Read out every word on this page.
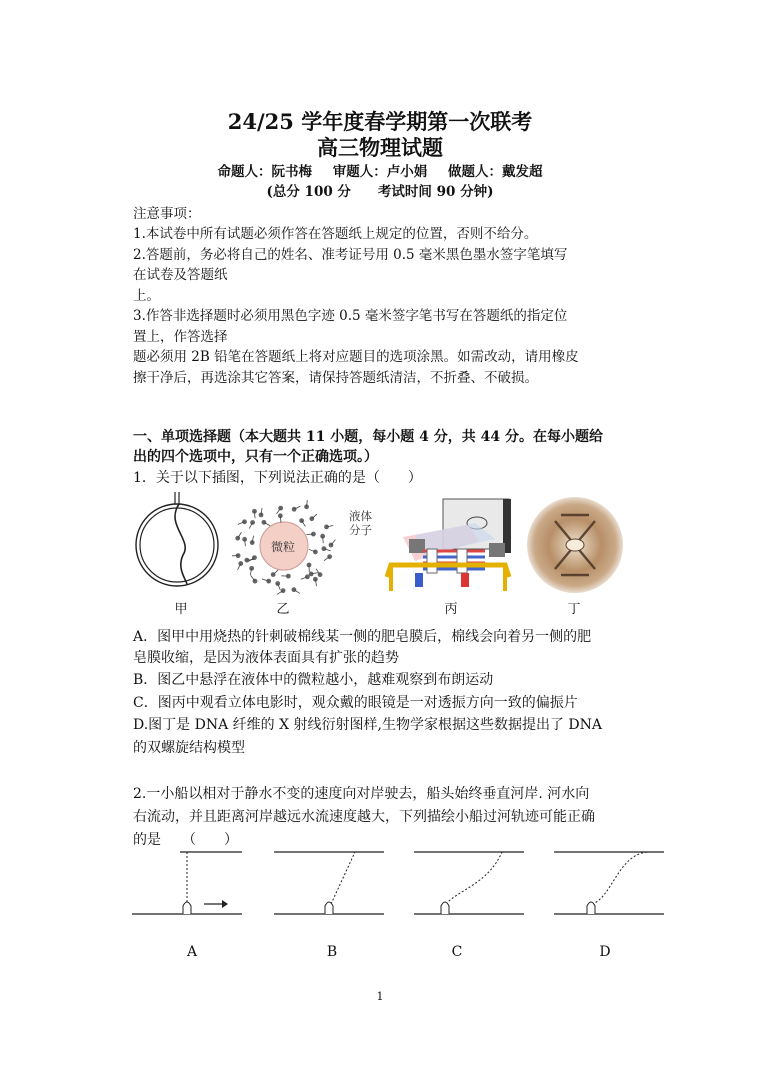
24/25 学年度春学期第一次联考
高三物理试题
命题人：阮书梅 审题人：卢小娟 做题人：戴发超
(总分 100 分　　考试时间 90 分钟)
注意事项：
1.本试卷中所有试题必须作答在答题纸上规定的位置，否则不给分。
2.答题前，务必将自己的姓名、准考证号用 0.5 毫米黑色墨水签字笔填写
在试卷及答题纸
上。
3.作答非选择题时必须用黑色字迹 0.5 毫米签字笔书写在答题纸的指定位
置上，作答选择
题必须用 2B 铅笔在答题纸上将对应题目的选项涂黑。如需改动，请用橡皮
擦干净后，再选涂其它答案，请保持答题纸清洁，不折叠、不破损。
一、单项选择题（本大题共 11 小题，每小题 4 分，共 44 分。在每小题给
出的四个选项中，只有一个正确选项。）
1．关于以下插图，下列说法正确的是（　　）
甲
微粒
液体
分子
乙	丙	丁
A．图甲中用烧热的针刺破棉线某一侧的肥皂膜后，棉线会向着另一侧的肥
皂膜收缩，是因为液体表面具有扩张的趋势
B．图乙中悬浮在液体中的微粒越小，越难观察到布朗运动
C．图丙中观看立体电影时，观众戴的眼镜是一对透振方向一致的偏振片
D.图丁是 DNA 纤维的 X 射线衍射图样,生物学家根据这些数据提出了 DNA
的双螺旋结构模型
2.一小船以相对于静水不变的速度向对岸驶去，船头始终垂直河岸. 河水向
右流动，并且距离河岸越远水流速度越大，下列描绘小船过河轨迹可能正确
的是　　（　　）
A	B	C	D
1
